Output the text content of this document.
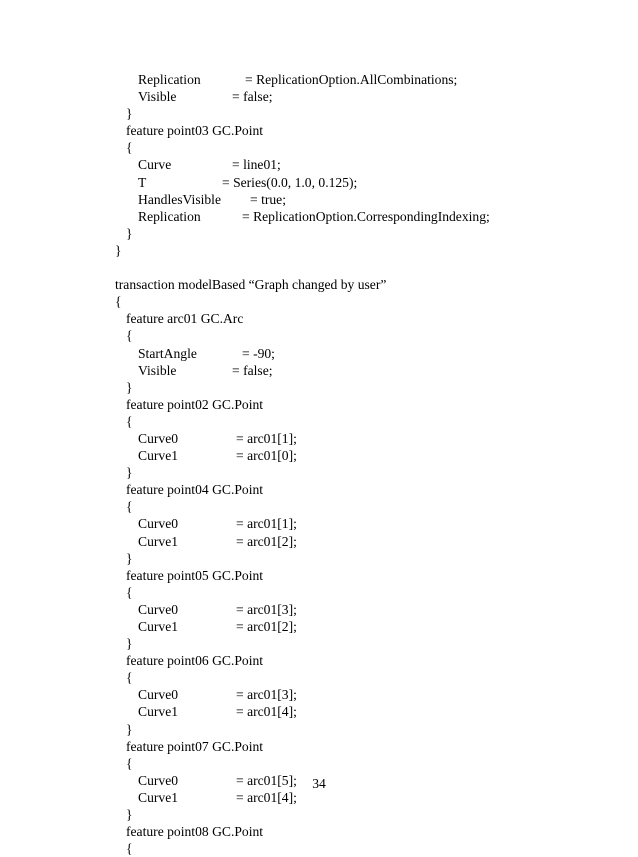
Replication	= ReplicationOption.AllCombinations;
Visible	= false;
}
feature point03 GC.Point
{
Curve	= line01;
T	= Series(0.0, 1.0, 0.125);
HandlesVisible = true;
Replication	= ReplicationOption.CorrespondingIndexing;
}
}
transaction modelBased “Graph changed by user”
{
feature arc01 GC.Arc
{
StartAngle	= -90;
Visible	= false;
}
feature point02 GC.Point
{
Curve0	= arc01[1];
Curve1	= arc01[0];
}
feature point04 GC.Point
{
Curve0	= arc01[1];
Curve1	= arc01[2];
}
feature point05 GC.Point
{
Curve0	= arc01[3];
Curve1	= arc01[2];
}
feature point06 GC.Point
{
Curve0	= arc01[3];
Curve1	= arc01[4];
}
feature point07 GC.Point
{
Curve0	= arc01[5];
Curve1	= arc01[4];
}
feature point08 GC.Point
{
34
